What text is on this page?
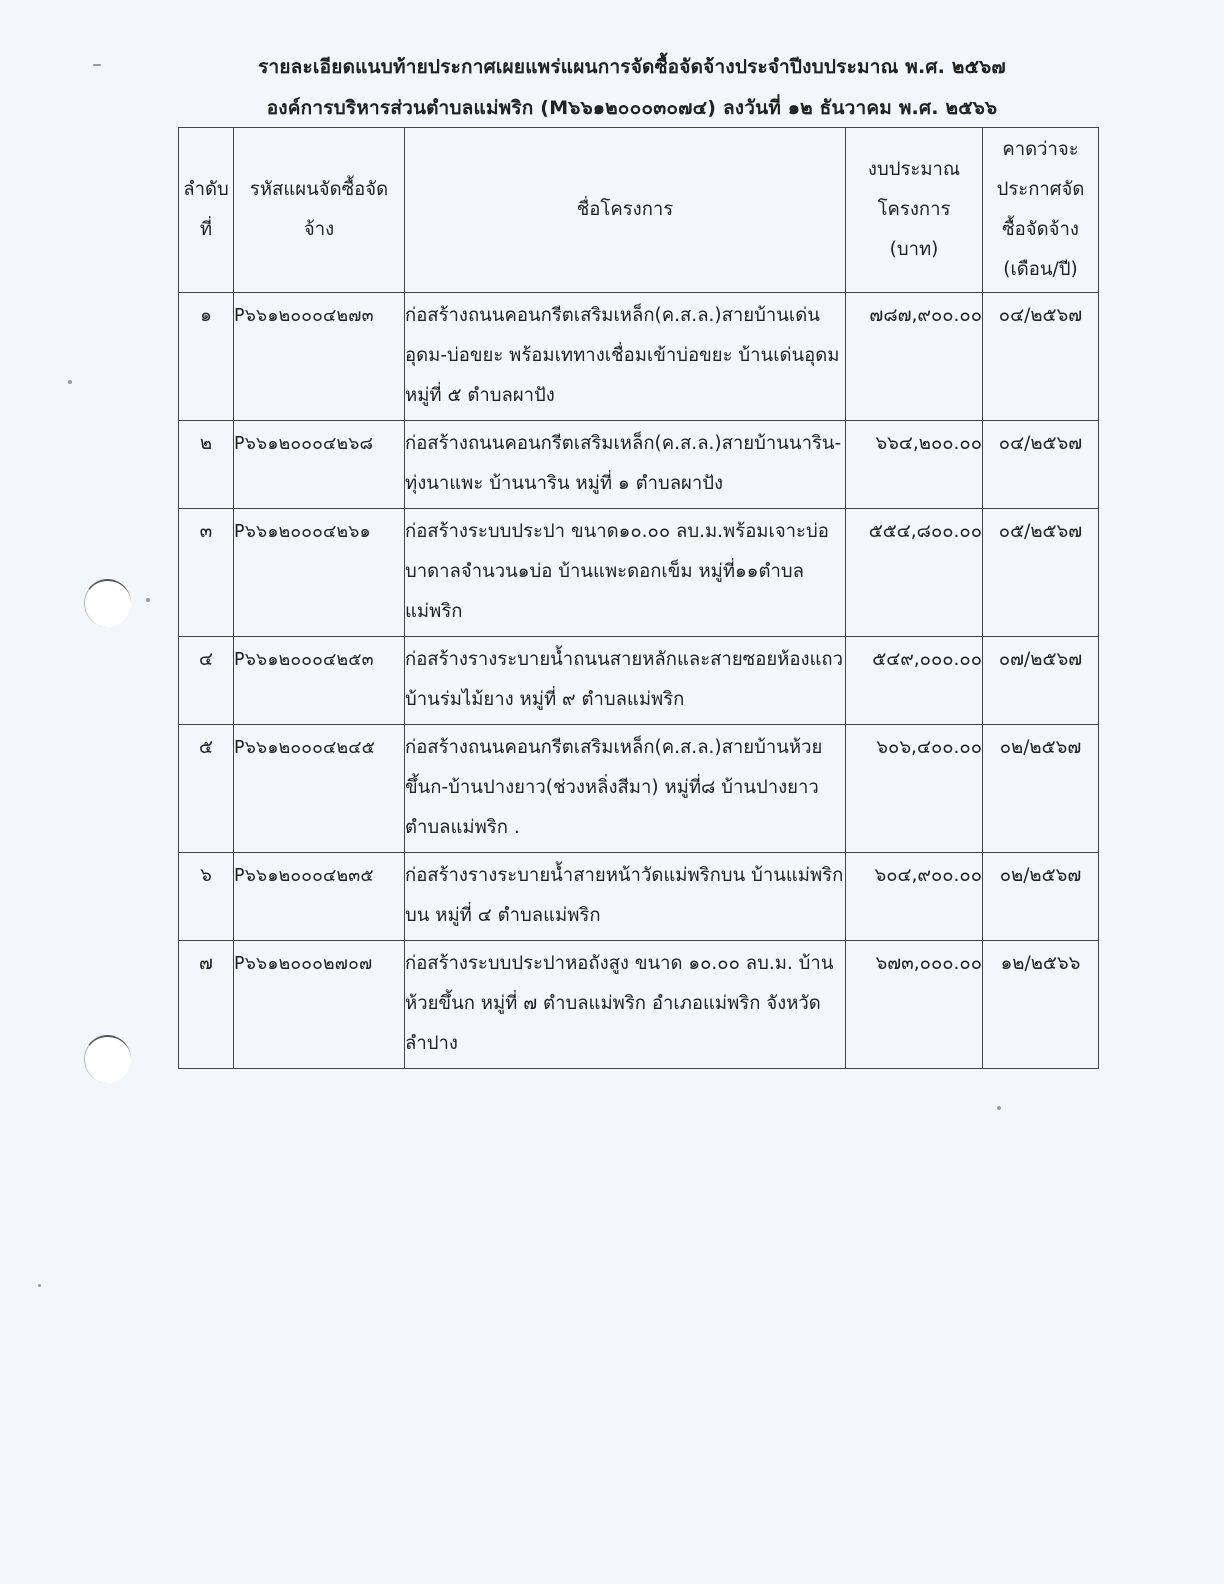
รายละเอียดแนบท้ายประกาศเผยแพร่แผนการจัดซื้อจัดจ้างประจำปีงบประมาณ พ.ศ. ๒๕๖๗
องค์การบริหารส่วนตำบลแม่พริก (M๖๖๑๒๐๐๐๓๐๗๔) ลงวันที่ ๑๒ ธันวาคม พ.ศ. ๒๕๖๖
ลำดับที่	รหัสแผนจัดซื้อจัดจ้าง	ชื่อโครงการ	งบประมาณโครงการ (บาท)	คาดว่าจะประกาศจัดซื้อจัดจ้าง (เดือน/ปี)
๑	P๖๖๑๒๐๐๐๔๒๗๓	ก่อสร้างถนนคอนกรีตเสริมเหล็ก(ค.ส.ล.)สายบ้านเด่นอุดม-บ่อขยะ พร้อมเททางเชื่อมเข้าบ่อขยะ บ้านเด่นอุดม หมู่ที่ ๕ ตำบลผาปัง	๗๘๗,๙๐๐.๐๐	๐๔/๒๕๖๗
๒	P๖๖๑๒๐๐๐๔๒๖๘	ก่อสร้างถนนคอนกรีตเสริมเหล็ก(ค.ส.ล.)สายบ้านนาริน-ทุ่งนาแพะ บ้านนาริน หมู่ที่ ๑ ตำบลผาปัง	๖๖๔,๒๐๐.๐๐	๐๔/๒๕๖๗
๓	P๖๖๑๒๐๐๐๔๒๖๑	ก่อสร้างระบบประปา ขนาด๑๐.๐๐ ลบ.ม.พร้อมเจาะบ่อบาดาลจำนวน๑บ่อ บ้านแพะดอกเข็ม หมู่ที่๑๑ตำบลแม่พริก	๕๕๔,๘๐๐.๐๐	๐๕/๒๕๖๗
๔	P๖๖๑๒๐๐๐๔๒๕๓	ก่อสร้างรางระบายน้ำถนนสายหลักและสายซอยห้องแถวบ้านร่มไม้ยาง หมู่ที่ ๙ ตำบลแม่พริก	๕๔๙,๐๐๐.๐๐	๐๗/๒๕๖๗
๕	P๖๖๑๒๐๐๐๔๒๔๕	ก่อสร้างถนนคอนกรีตเสริมเหล็ก(ค.ส.ล.)สายบ้านห้วยขึ้นก-บ้านปางยาว(ช่วงหลิ่งสีมา) หมู่ที่๘ บ้านปางยาว ตำบลแม่พริก .	๖๐๖,๔๐๐.๐๐	๐๒/๒๕๖๗
๖	P๖๖๑๒๐๐๐๔๒๓๕	ก่อสร้างรางระบายน้ำสายหน้าวัดแม่พริกบน บ้านแม่พริกบน หมู่ที่ ๔ ตำบลแม่พริก	๖๐๔,๙๐๐.๐๐	๐๒/๒๕๖๗
๗	P๖๖๑๒๐๐๐๒๗๐๗	ก่อสร้างระบบประปาหอถังสูง ขนาด ๑๐.๐๐ ลบ.ม. บ้านห้วยขึ้นก หมู่ที่ ๗ ตำบลแม่พริก อำเภอแม่พริก จังหวัดลำปาง	๖๗๓,๐๐๐.๐๐	๑๒/๒๕๖๖
